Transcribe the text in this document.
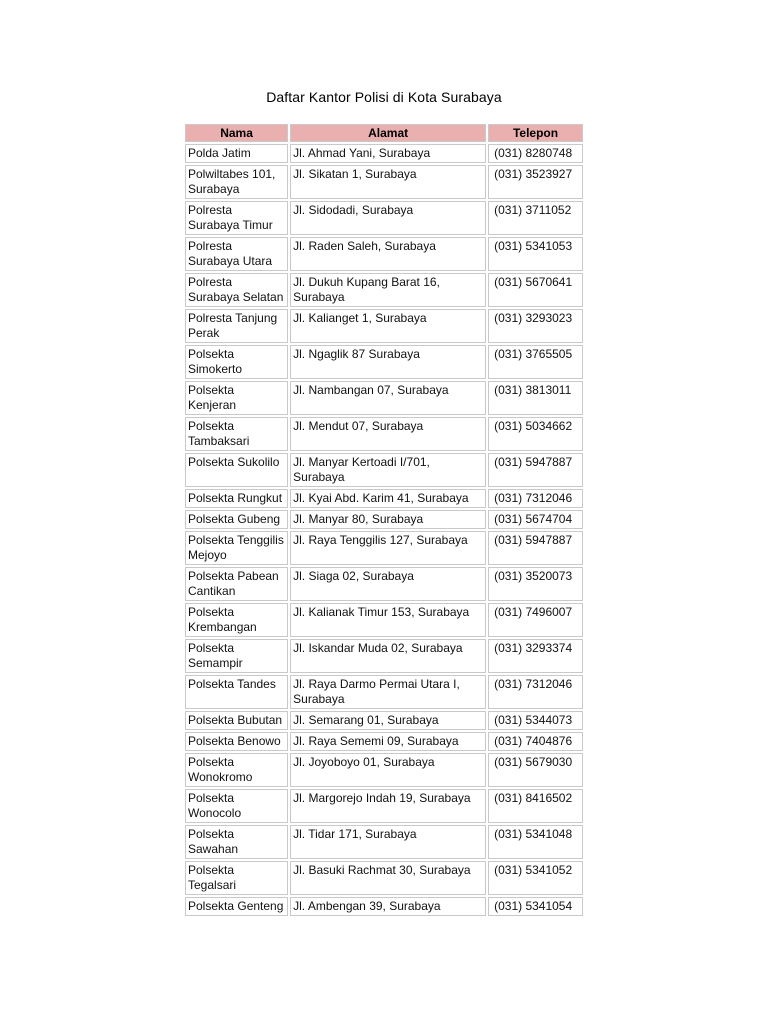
Daftar Kantor Polisi di Kota Surabaya
Nama	Alamat	Telepon
Polda Jatim	Jl. Ahmad Yani, Surabaya	(031) 8280748
Polwiltabes 101, Surabaya	Jl. Sikatan 1, Surabaya	(031) 3523927
Polresta Surabaya Timur	Jl. Sidodadi, Surabaya	(031) 3711052
Polresta Surabaya Utara	Jl. Raden Saleh, Surabaya	(031) 5341053
Polresta Surabaya Selatan	Jl. Dukuh Kupang Barat 16, Surabaya	(031) 5670641
Polresta Tanjung Perak	Jl. Kalianget 1, Surabaya	(031) 3293023
Polsekta Simokerto	Jl. Ngaglik 87 Surabaya	(031) 3765505
Polsekta Kenjeran	Jl. Nambangan 07, Surabaya	(031) 3813011
Polsekta Tambaksari	Jl. Mendut 07, Surabaya	(031) 5034662
Polsekta Sukolilo	Jl. Manyar Kertoadi I/701, Surabaya	(031) 5947887
Polsekta Rungkut	Jl. Kyai Abd. Karim 41, Surabaya	(031) 7312046
Polsekta Gubeng	Jl. Manyar 80, Surabaya	(031) 5674704
Polsekta Tenggilis Mejoyo	Jl. Raya Tenggilis 127, Surabaya	(031) 5947887
Polsekta Pabean Cantikan	Jl. Siaga 02, Surabaya	(031) 3520073
Polsekta Krembangan	Jl. Kalianak Timur 153, Surabaya	(031) 7496007
Polsekta Semampir	Jl. Iskandar Muda 02, Surabaya	(031) 3293374
Polsekta Tandes	Jl. Raya Darmo Permai Utara I, Surabaya	(031) 7312046
Polsekta Bubutan	Jl. Semarang 01, Surabaya	(031) 5344073
Polsekta Benowo	Jl. Raya Sememi 09, Surabaya	(031) 7404876
Polsekta Wonokromo	Jl. Joyoboyo 01, Surabaya	(031) 5679030
Polsekta Wonocolo	Jl. Margorejo Indah 19, Surabaya	(031) 8416502
Polsekta Sawahan	Jl. Tidar 171, Surabaya	(031) 5341048
Polsekta Tegalsari	Jl. Basuki Rachmat 30, Surabaya	(031) 5341052
Polsekta Genteng	Jl. Ambengan 39, Surabaya	(031) 5341054
